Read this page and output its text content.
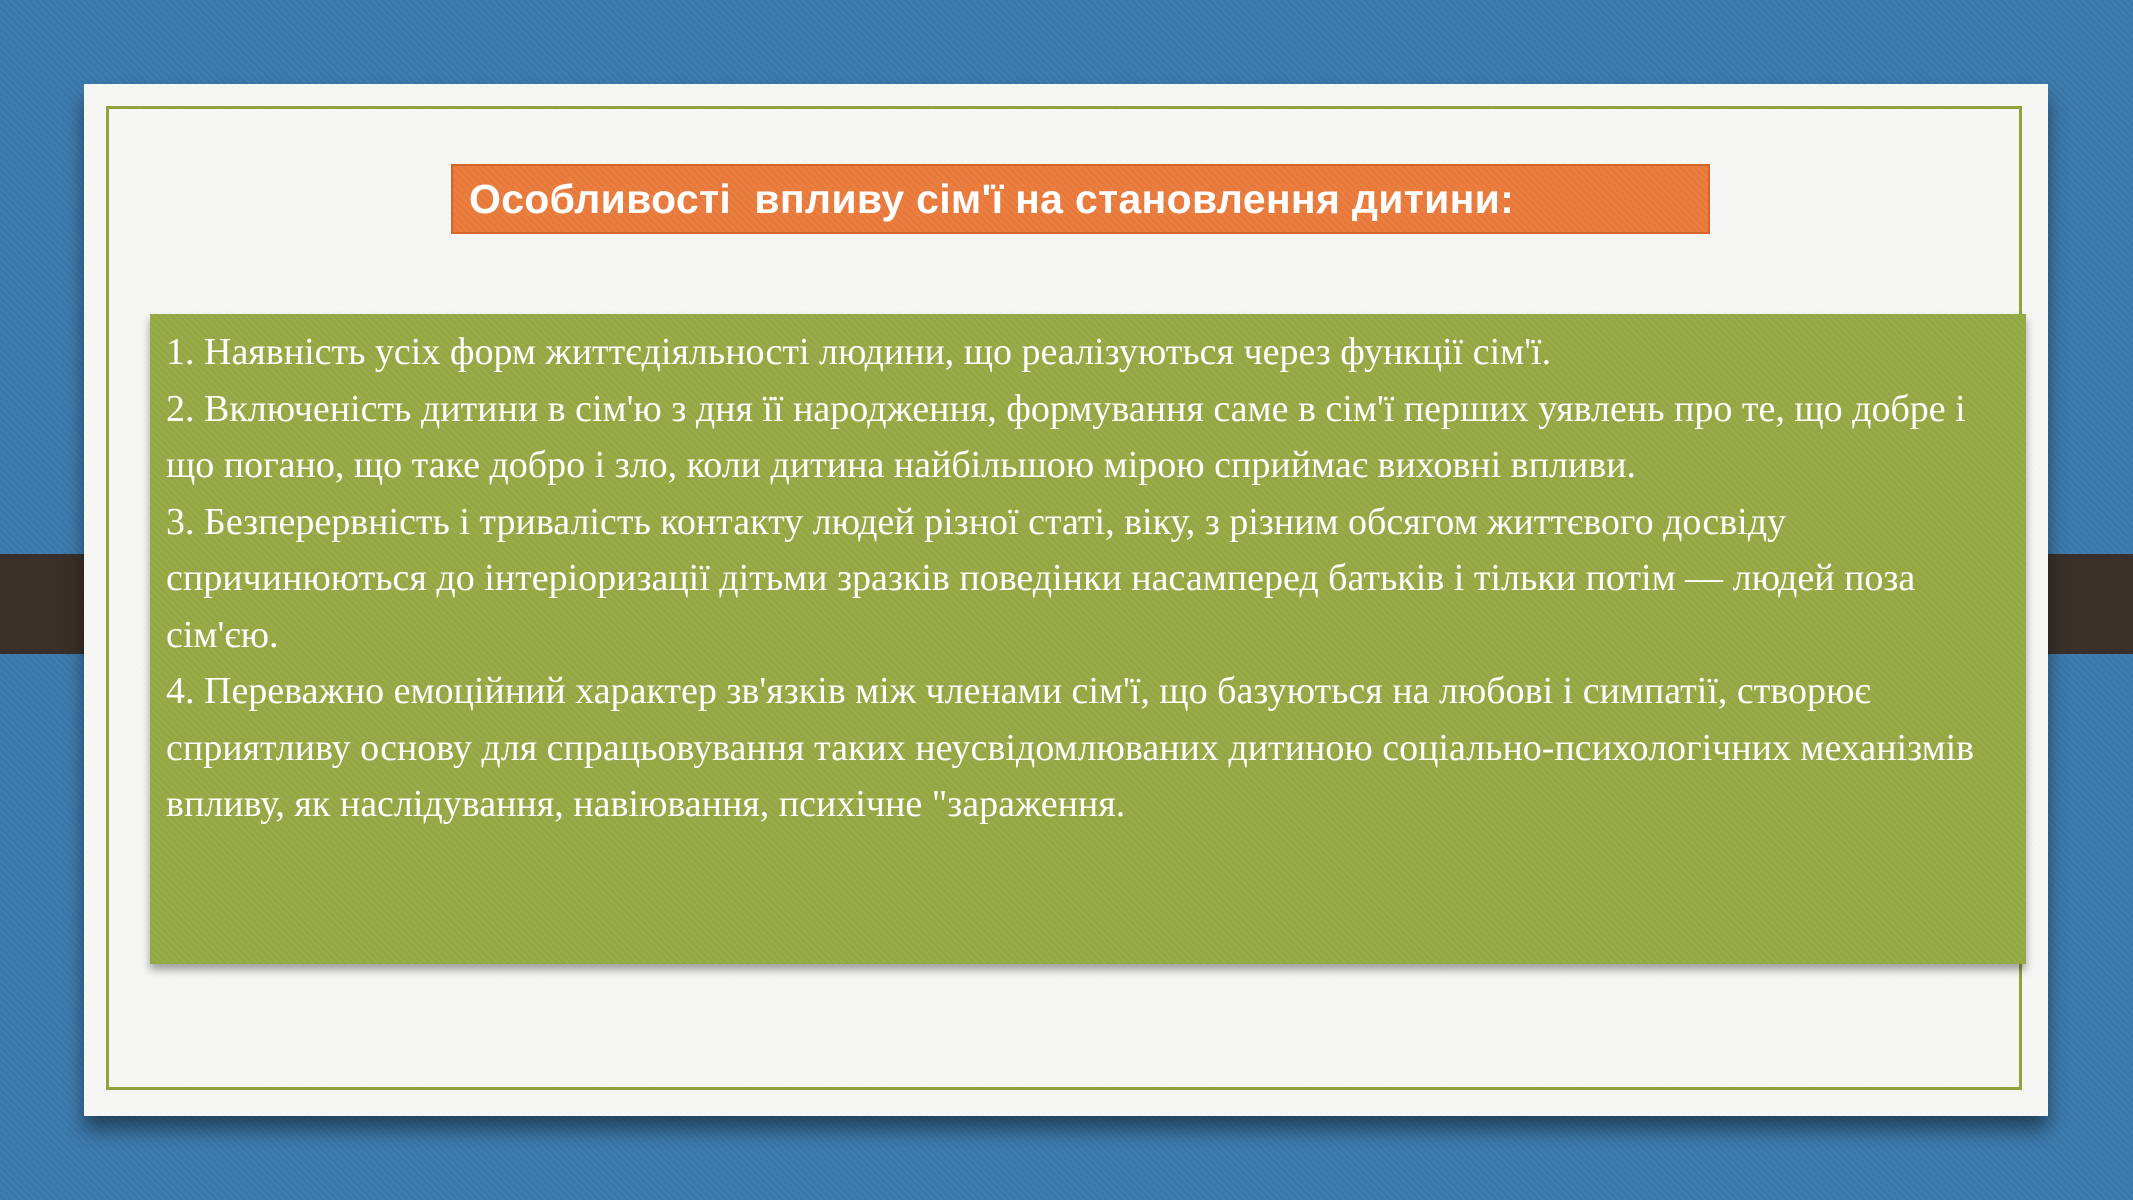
Особливості  впливу сім'ї на становлення дитини:

1. Наявність усіх форм життєдіяльності людини, що реалізуються через функції сім'ї.

2. Включеність дитини в сім'ю з дня її народження, формування саме в сім'ї перших уявлень про те, що добре і що погано, що таке добро і зло, коли дитина найбільшою мірою сприймає виховні впливи.

3. Безперервність і тривалість контакту людей різної статі, віку, з різним обсягом життєвого досвіду спричинюються до інтеріоризації дітьми зразків поведінки насамперед батьків і тільки потім — людей поза сім'єю.

4. Переважно емоційний характер зв'язків між членами сім'ї, що базуються на любові і симпатії, створює сприятливу основу для спрацьовування таких неусвідомлюваних дитиною соціально-психологічних механізмів впливу, як наслідування, навіювання, психічне "зараження.
